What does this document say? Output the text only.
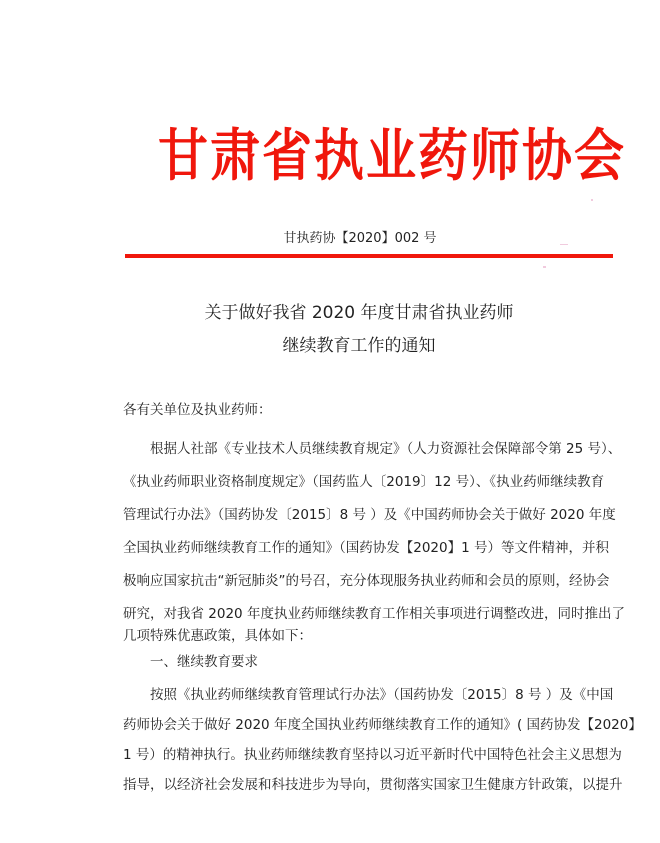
甘肃省执业药师协会
甘执药协【2020】002 号
关于做好我省 2020 年度甘肃省执业药师
继续教育工作的通知
各有关单位及执业药师：
根据人社部《专业技术人员继续教育规定》（人力资源社会保障部令第 25 号）、
《执业药师职业资格制度规定》（国药监人〔2019〕12 号）、《执业药师继续教育
管理试行办法》（国药协发〔2015〕8 号 ）及《中国药师协会关于做好 2020 年度
全国执业药师继续教育工作的通知》（国药协发【2020】1 号）等文件精神，并积
极响应国家抗击“新冠肺炎”的号召，充分体现服务执业药师和会员的原则，经协会
研究，对我省 2020 年度执业药师继续教育工作相关事项进行调整改进，同时推出了
几项特殊优惠政策，具体如下：
一、继续教育要求
按照《执业药师继续教育管理试行办法》（国药协发〔2015〕8 号 ）及《中国
药师协会关于做好 2020 年度全国执业药师继续教育工作的通知》( 国药协发【2020】
1 号）的精神执行。执业药师继续教育坚持以习近平新时代中国特色社会主义思想为
指导，以经济社会发展和科技进步为导向，贯彻落实国家卫生健康方针政策，以提升
